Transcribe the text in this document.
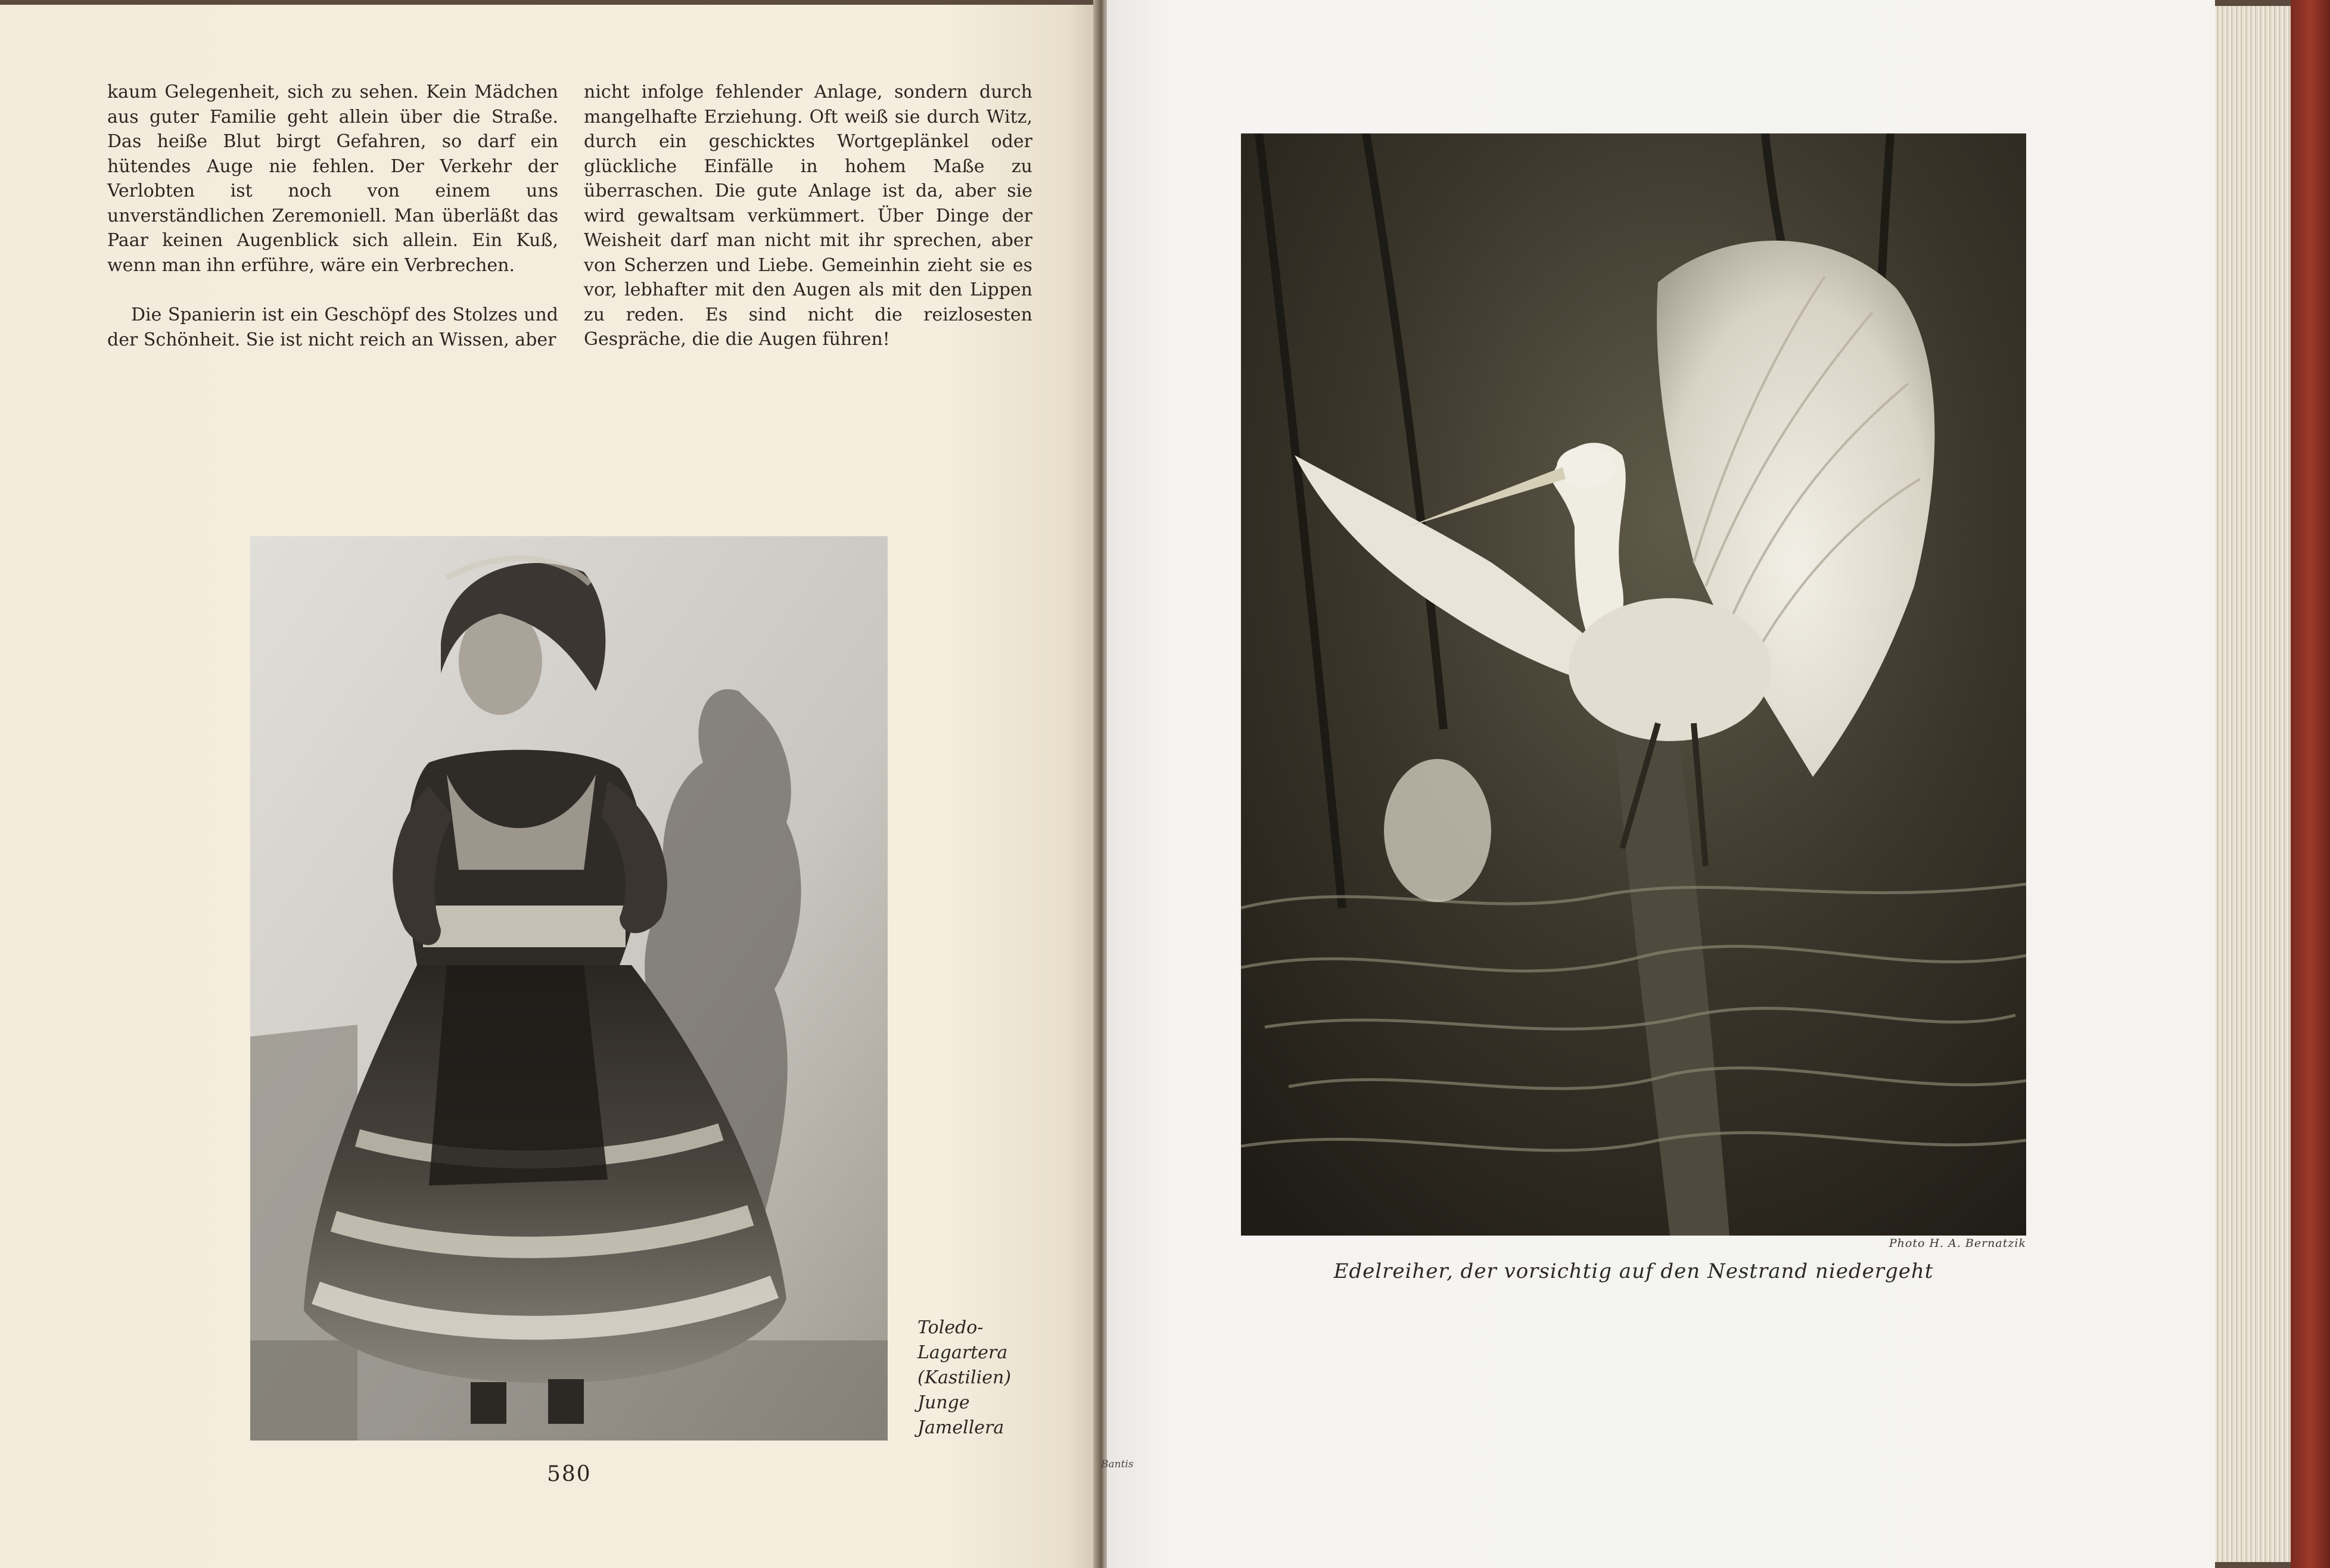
kaum Gelegenheit, sich zu sehen. Kein Mädchen aus guter Familie geht allein über die Straße. Das heiße Blut birgt Gefahren, so darf ein hütendes Auge nie fehlen. Der Verkehr der Verlobten ist noch von einem uns unverständlichen Zeremoniell. Man überläßt das Paar keinen Augenblick sich allein. Ein Kuß, wenn man ihn erführe, wäre ein Verbrechen.

Die Spanierin ist ein Geschöpf des Stolzes und der Schönheit. Sie ist nicht reich an Wissen, aber

nicht infolge fehlender Anlage, sondern durch mangelhafte Erziehung. Oft weiß sie durch Witz, durch ein geschicktes Wortgeplänkel oder glückliche Einfälle in hohem Maße zu überraschen. Die gute Anlage ist da, aber sie wird gewaltsam verkümmert. Über Dinge der Weisheit darf man nicht mit ihr sprechen, aber von Scherzen und Liebe. Gemeinhin zieht sie es vor, lebhafter mit den Augen als mit den Lippen zu reden. Es sind nicht die reizlosesten Gespräche, die die Augen führen!

Toledo-
Lagartera
(Kastilien)
Junge
Jamellera
580
Photo H. A. Bernatzik
Edelreiher, der vorsichtig auf den Nestrand niedergeht
Bantis
